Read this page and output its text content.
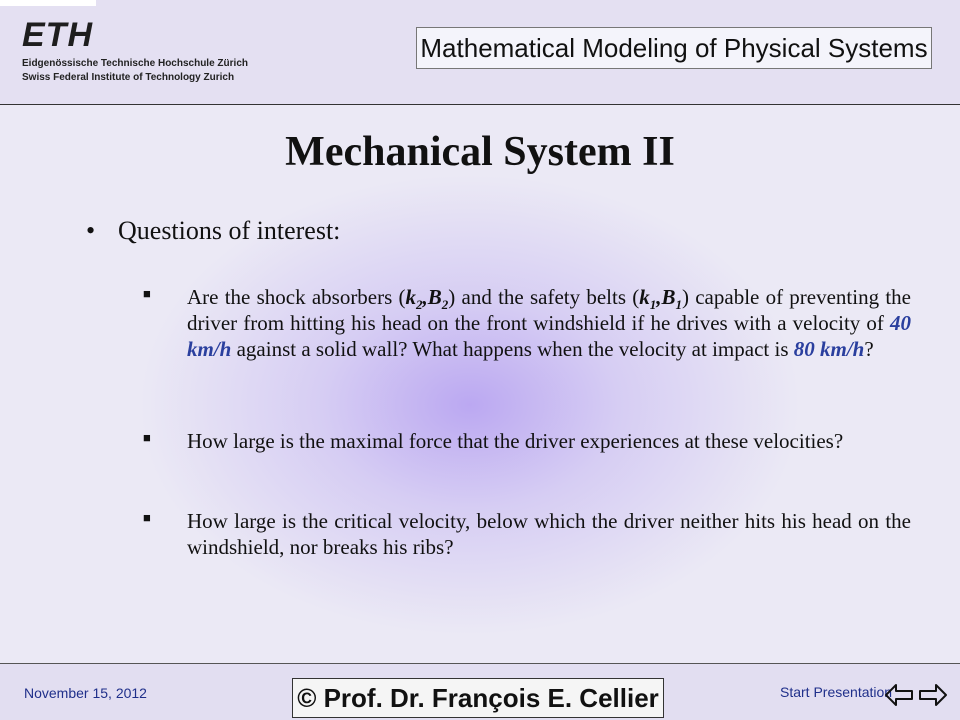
ETH
Eidgenössische Technische Hochschule Zürich
Swiss Federal Institute of Technology Zurich
Mathematical Modeling of Physical Systems
Mechanical System II
• Questions of interest:
■ Are the shock absorbers $(k_2,B_2)$ and the safety belts $(k_1,B_1)$ capable of preventing the driver from hitting his head on the front windshield if he drives with a velocity of 40 km/h against a solid wall? What happens when the velocity at impact is 80 km/h?
■ How large is the maximal force that the driver experiences at these velocities?
■ How large is the critical velocity, below which the driver neither hits his head on the windshield, nor breaks his ribs?
November 15, 2012	© Prof. Dr. François E. Cellier	Start Presentation
